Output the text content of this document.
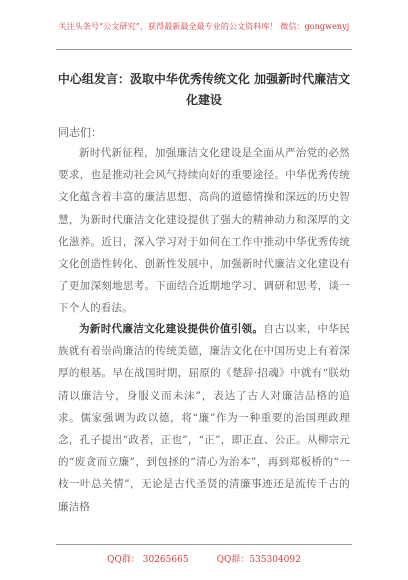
关注头条号“公文研究”，获得最新最全最专业的公文资料库！ 微信：gongwenyj
中心组发言：汲取中华优秀传统文化 加强新时代廉洁文化建设
同志们：

新时代新征程，加强廉洁文化建设是全面从严治党的必然要求，也是推动社会风气持续向好的重要途径。中华优秀传统文化蕴含着丰富的廉洁思想、高尚的道德情操和深远的历史智慧，为新时代廉洁文化建设提供了强大的精神动力和深厚的文化滋养。近日，深入学习对于如何在工作中推动中华优秀传统文化创造性转化、创新性发展中，加强新时代廉洁文化建设有了更加深刻地思考。下面结合近期地学习、调研和思考，谈一下个人的看法。

为新时代廉洁文化建设提供价值引领。自古以来，中华民族就有着崇尚廉洁的传统美德，廉洁文化在中国历史上有着深厚的根基。早在战国时期，屈原的《楚辞·招魂》中就有“朕幼清以廉洁兮，身服义而未沫”，表达了古人对廉洁品格的追求。儒家强调为政以德，将“廉”作为一种重要的治国理政理念，孔子提出“政者，正也”，“正”，即正直、公正。从柳宗元的“废贪而立廉”，到包拯的“清心为治本”，再到郑板桥的“一枝一叶总关情”，无论是古代圣贤的清廉事迹还是流传千古的廉洁格

QQ群： 30265665	QQ群：535304092
